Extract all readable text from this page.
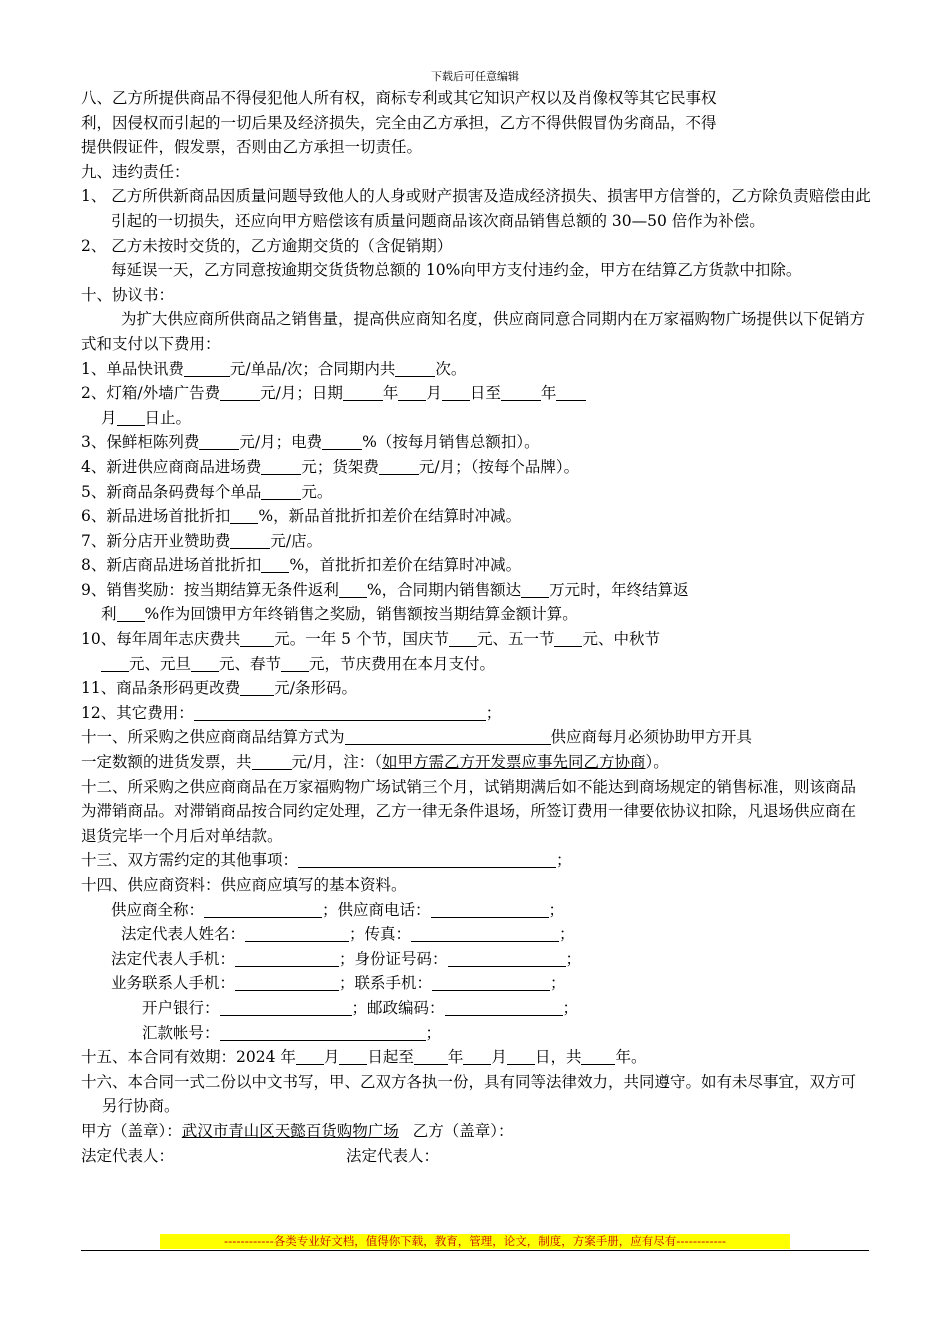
下载后可任意编辑

八、乙方所提供商品不得侵犯他人所有权，商标专利或其它知识产权以及肖像权等其它民事权

利，因侵权而引起的一切后果及经济损失，完全由乙方承担，乙方不得供假冒伪劣商品，不得

提供假证件，假发票，否则由乙方承担一切责任。

九、违约责任：

1、 乙方所供新商品因质量问题导致他人的人身或财产损害及造成经济损失、损害甲方信誉的，乙方除负责赔偿由此引起的一切损失，还应向甲方赔偿该有质量问题商品该次商品销售总额的 30—50 倍作为补偿。

2、 乙方未按时交货的，乙方逾期交货的（含促销期）

每延误一天，乙方同意按逾期交货货物总额的 10%向甲方支付违约金，甲方在结算乙方货款中扣除。

十、协议书：

为扩大供应商所供商品之销售量，提高供应商知名度，供应商同意合同期内在万家福购物广场提供以下促销方式和支付以下费用：

1、单品快讯费	元/单品/次；合同期内共	次。

2、灯箱/外墙广告费	元/月；日期	年 月 日至	年

月 日止。

3、保鲜柜陈列费	元/月；电费	%（按每月销售总额扣）。

4、新进供应商商品进场费	元；货架费	元/月；（按每个品牌）。

5、新商品条码费每个单品	元。

6、新品进场首批折扣 %，新品首批折扣差价在结算时冲减。

7、新分店开业赞助费	元/店。

8、新店商品进场首批折扣 %，首批折扣差价在结算时冲减。

9、销售奖励：按当期结算无条件返利 %，合同期内销售额达 万元时，年终结算返

利 %作为回馈甲方年终销售之奖励，销售额按当期结算金额计算。

10、每年周年志庆费共 元。一年 5 个节，国庆节 元、五一节 元、中秋节

元、元旦 元、春节 元，节庆费用在本月支付。

11、商品条形码更改费 元/条形码。

12、其它费用：	；

十一、所采购之供应商商品结算方式为	供应商每月必须协助甲方开具

一定数额的进货发票，共	元/月，注：（如甲方需乙方开发票应事先同乙方协商）。

十二、所采购之供应商商品在万家福购物广场试销三个月，试销期满后如不能达到商场规定的销售标准，则该商品为滞销商品。对滞销商品按合同约定处理，乙方一律无条件退场，所签订费用一律要依协议扣除，凡退场供应商在退货完毕一个月后对单结款。

十三、双方需约定的其他事项：	；

十四、供应商资料：供应商应填写的基本资料。

供应商全称：	；供应商电话：	；

法定代表人姓名：	；传真：	；

法定代表人手机：	；身份证号码：	；

业务联系人手机：	；联系手机：	；

开户银行：	；邮政编码：	；

汇款帐号：	；

十五、本合同有效期：2024 年 月 日起至 年 月 日，共 年。

十六、本合同一式二份以中文书写，甲、乙双方各执一份，具有同等法律效力，共同遵守。如有未尽事宜，双方可另行协商。

甲方（盖章）：武汉市青山区天懿百货购物广场 乙方（盖章）：

法定代表人：	法定代表人：

------------各类专业好文档，值得你下载，教育，管理，论文，制度，方案手册，应有尽有------------
